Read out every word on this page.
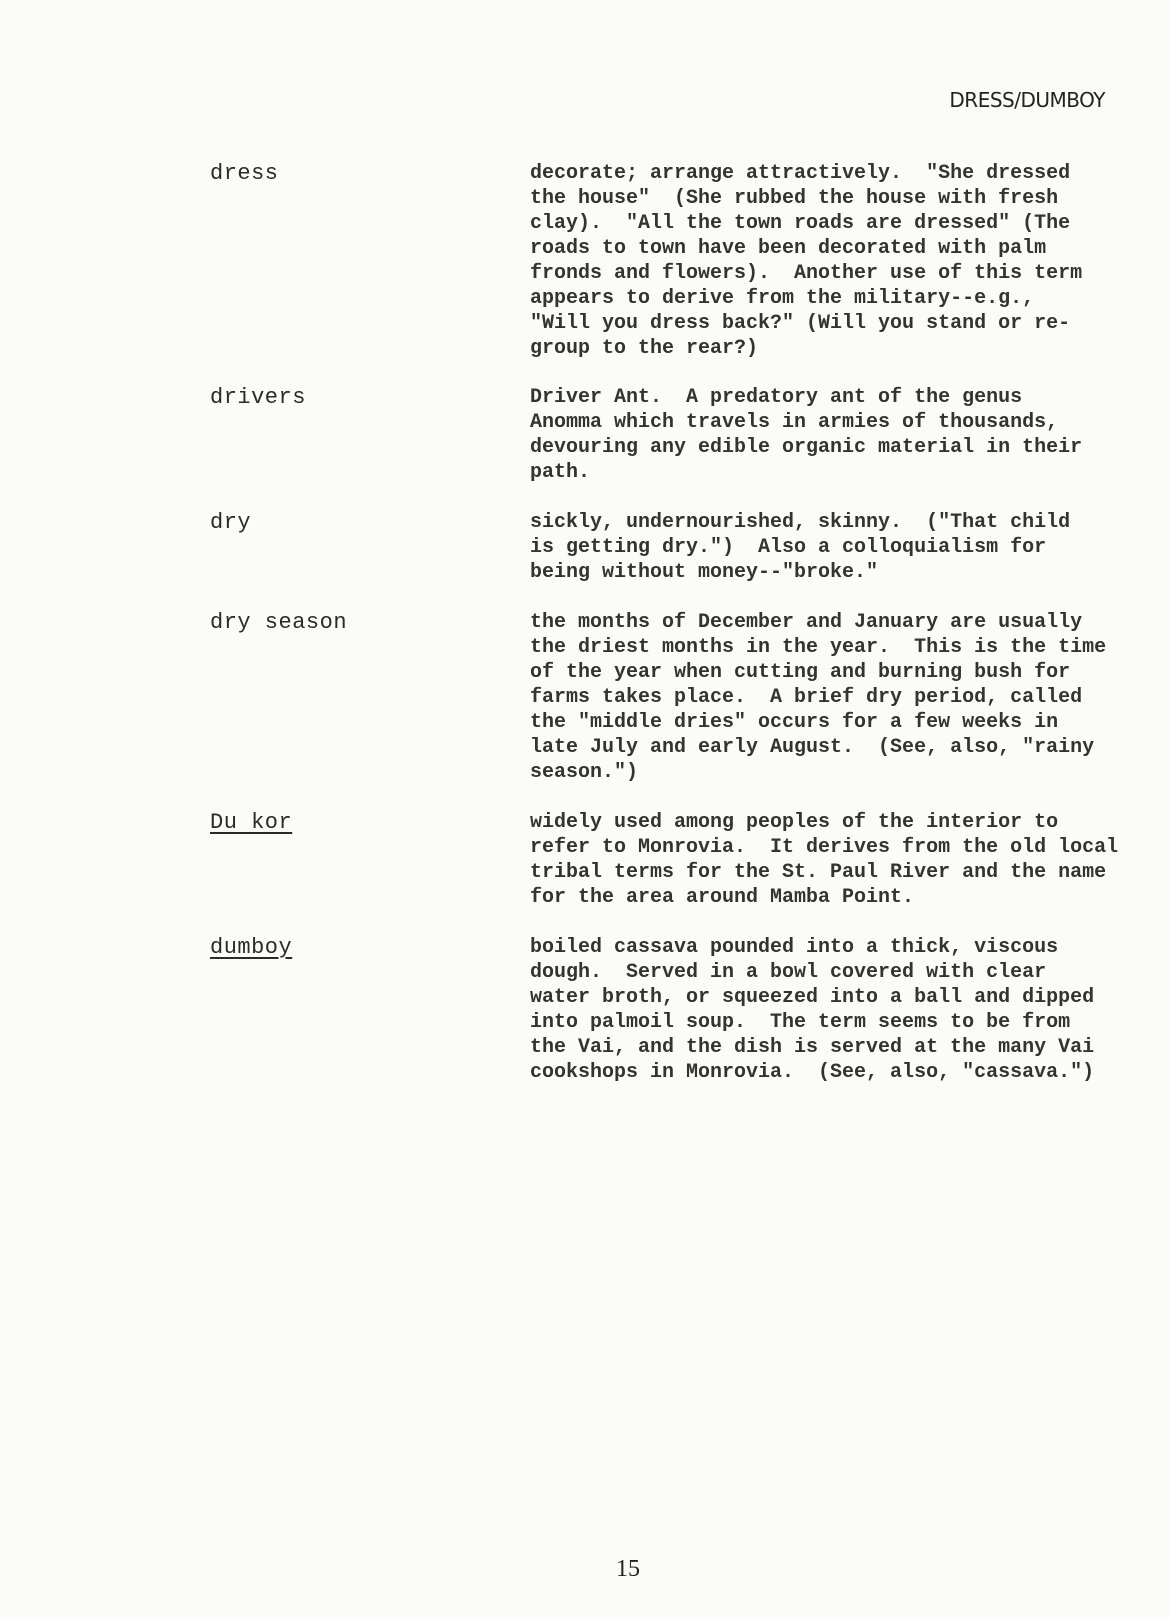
DRESS/DUMBOY
dress	decorate; arrange attractively.  "She dressed
the house"  (She rubbed the house with fresh
clay).  "All the town roads are dressed" (The
roads to town have been decorated with palm
fronds and flowers).  Another use of this term
appears to derive from the military--e.g.,
"Will you dress back?" (Will you stand or re-
group to the rear?)
drivers	Driver Ant.  A predatory ant of the genus
Anomma which travels in armies of thousands,
devouring any edible organic material in their
path.
dry	sickly, undernourished, skinny.  ("That child
is getting dry.")  Also a colloquialism for
being without money--"broke."
dry season	the months of December and January are usually
the driest months in the year.  This is the time
of the year when cutting and burning bush for
farms takes place.  A brief dry period, called
the "middle dries" occurs for a few weeks in
late July and early August.  (See, also, "rainy
season.")
Du kor	widely used among peoples of the interior to
refer to Monrovia.  It derives from the old local
tribal terms for the St. Paul River and the name
for the area around Mamba Point.
dumboy	boiled cassava pounded into a thick, viscous
dough.  Served in a bowl covered with clear
water broth, or squeezed into a ball and dipped
into palmoil soup.  The term seems to be from
the Vai, and the dish is served at the many Vai
cookshops in Monrovia.  (See, also, "cassava.")
15
